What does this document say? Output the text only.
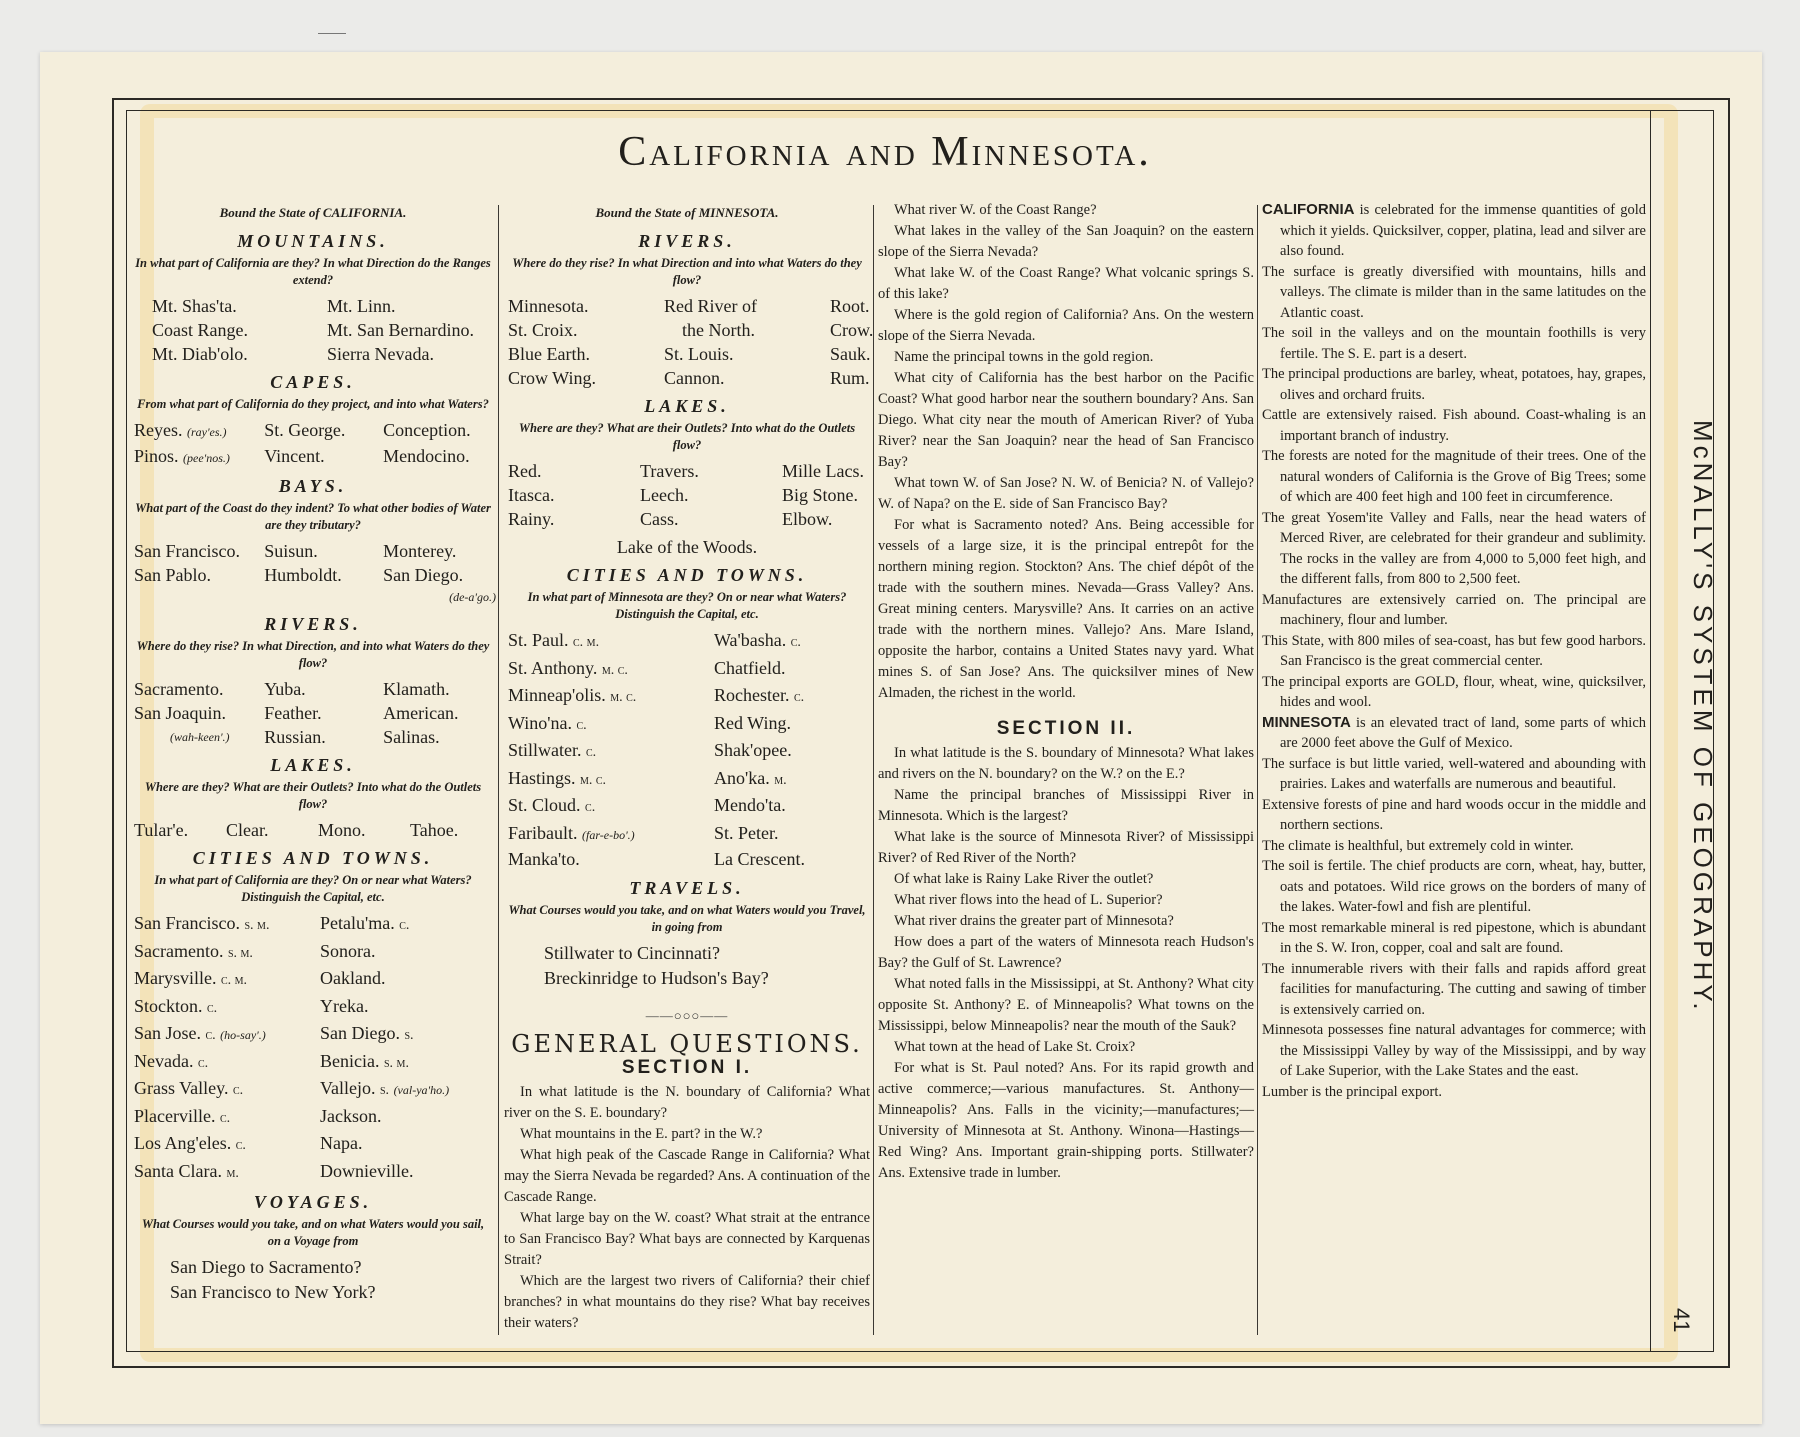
California and Minnesota.
Bound the State of CALIFORNIA.
MOUNTAINS.
In what part of California are they? In what Direction do the Ranges extend?
Mt. Shas'ta.	Mt. Linn.
Coast Range.	Mt. San Bernardino.
Mt. Diab'olo.	Sierra Nevada.
CAPES.
From what part of California do they project, and into what Waters?
Reyes. (ray'es.)	St. George.	Conception.
Pinos. (pee'nos.)	Vincent.	Mendocino.
BAYS.
What part of the Coast do they indent? To what other bodies of Water are they tributary?
San Francisco.	Suisun.	Monterey.
San Pablo.	Humboldt.	San Diego.
(de-a'go.)
RIVERS.
Where do they rise? In what Direction, and into what Waters do they flow?
Sacramento.	Yuba.	Klamath.
San Joaquin.	Feather.	American.
(wah-keen'.)	Russian.	Salinas.
LAKES.
Where are they? What are their Outlets? Into what do the Outlets flow?
Tular'e.	Clear.	Mono.	Tahoe.
CITIES AND TOWNS.
In what part of California are they? On or near what Waters? Distinguish the Capital, etc.
San Francisco. s. m.	Petalu'ma. c.
Sacramento. s. m.	Sonora.
Marysville. c. m.	Oakland.
Stockton. c.	Yreka.
San Jose. c. (ho-say'.)	San Diego. s.
Nevada. c.	Benicia. s. m.
Grass Valley. c.	Vallejo. s. (val-ya'ho.)
Placerville. c.	Jackson.
Los Ang'eles. c.	Napa.
Santa Clara. m.	Downieville.
VOYAGES.
What Courses would you take, and on what Waters would you sail, on a Voyage from
San Diego to Sacramento?
San Francisco to New York?
Bound the State of MINNESOTA.
RIVERS.
Where do they rise? In what Direction and into what Waters do they flow?
Minnesota.	Red River of	Root.
St. Croix.	the North.	Crow.
Blue Earth.	St. Louis.	Sauk.
Crow Wing.	Cannon.	Rum.
LAKES.
Where are they? What are their Outlets? Into what do the Outlets flow?
Red.	Travers.	Mille Lacs.
Itasca.	Leech.	Big Stone.
Rainy.	Cass.	Elbow.
Lake of the Woods.
CITIES AND TOWNS.
In what part of Minnesota are they? On or near what Waters? Distinguish the Capital, etc.
St. Paul. c. m.	Wa'basha. c.
St. Anthony. m. c.	Chatfield.
Minneap'olis. m. c.	Rochester. c.
Wino'na. c.	Red Wing.
Stillwater. c.	Shak'opee.
Hastings. m. c.	Ano'ka. m.
St. Cloud. c.	Mendo'ta.
Faribault. (far-e-bo'.)	St. Peter.
Manka'to.	La Crescent.
TRAVELS.
What Courses would you take, and on what Waters would you Travel, in going from
Stillwater to Cincinnati?
Breckinridge to Hudson's Bay?
——○○○——
GENERAL QUESTIONS.
SECTION I.

In what latitude is the N. boundary of California? What river on the S. E. boundary?

What mountains in the E. part? in the W.?

What high peak of the Cascade Range in California? What may the Sierra Nevada be regarded? Ans. A continuation of the Cascade Range.

What large bay on the W. coast? What strait at the entrance to San Francisco Bay? What bays are connected by Karquenas Strait?

Which are the largest two rivers of California? their chief branches? in what mountains do they rise? What bay receives their waters?

What river W. of the Coast Range?

What lakes in the valley of the San Joaquin? on the eastern slope of the Sierra Nevada?

What lake W. of the Coast Range? What volcanic springs S. of this lake?

Where is the gold region of California? Ans. On the western slope of the Sierra Nevada.

Name the principal towns in the gold region.

What city of California has the best harbor on the Pacific Coast? What good harbor near the southern boundary? Ans. San Diego. What city near the mouth of American River? of Yuba River? near the San Joaquin? near the head of San Francisco Bay?

What town W. of San Jose? N. W. of Benicia? N. of Vallejo? W. of Napa? on the E. side of San Francisco Bay?

For what is Sacramento noted? Ans. Being accessible for vessels of a large size, it is the principal entrepôt for the northern mining region. Stockton? Ans. The chief dépôt of the trade with the southern mines. Nevada—Grass Valley? Ans. Great mining centers. Marysville? Ans. It carries on an active trade with the northern mines. Vallejo? Ans. Mare Island, opposite the harbor, contains a United States navy yard. What mines S. of San Jose? Ans. The quicksilver mines of New Almaden, the richest in the world.

SECTION II.

In what latitude is the S. boundary of Minnesota? What lakes and rivers on the N. boundary? on the W.? on the E.?

Name the principal branches of Mississippi River in Minnesota. Which is the largest?

What lake is the source of Minnesota River? of Mississippi River? of Red River of the North?

Of what lake is Rainy Lake River the outlet?

What river flows into the head of L. Superior?

What river drains the greater part of Minnesota?

How does a part of the waters of Minnesota reach Hudson's Bay? the Gulf of St. Lawrence?

What noted falls in the Mississippi, at St. Anthony? What city opposite St. Anthony? E. of Minneapolis? What towns on the Mississippi, below Minneapolis? near the mouth of the Sauk?

What town at the head of Lake St. Croix?

For what is St. Paul noted? Ans. For its rapid growth and active commerce;—various manufactures. St. Anthony—Minneapolis? Ans. Falls in the vicinity;—manufactures;—University of Minnesota at St. Anthony. Winona—Hastings—Red Wing? Ans. Important grain-shipping ports. Stillwater? Ans. Extensive trade in lumber.

CALIFORNIA is celebrated for the immense quantities of gold which it yields. Quicksilver, copper, platina, lead and silver are also found.

The surface is greatly diversified with mountains, hills and valleys. The climate is milder than in the same latitudes on the Atlantic coast.

The soil in the valleys and on the mountain foothills is very fertile. The S. E. part is a desert.

The principal productions are barley, wheat, potatoes, hay, grapes, olives and orchard fruits.

Cattle are extensively raised. Fish abound. Coast-whaling is an important branch of industry.

The forests are noted for the magnitude of their trees. One of the natural wonders of California is the Grove of Big Trees; some of which are 400 feet high and 100 feet in circumference.

The great Yosem'ite Valley and Falls, near the head waters of Merced River, are celebrated for their grandeur and sublimity. The rocks in the valley are from 4,000 to 5,000 feet high, and the different falls, from 800 to 2,500 feet.

Manufactures are extensively carried on. The principal are machinery, flour and lumber.

This State, with 800 miles of sea-coast, has but few good harbors. San Francisco is the great commercial center.

The principal exports are GOLD, flour, wheat, wine, quicksilver, hides and wool.

MINNESOTA is an elevated tract of land, some parts of which are 2000 feet above the Gulf of Mexico.

The surface is but little varied, well-watered and abounding with prairies. Lakes and waterfalls are numerous and beautiful.

Extensive forests of pine and hard woods occur in the middle and northern sections.

The climate is healthful, but extremely cold in winter.

The soil is fertile. The chief products are corn, wheat, hay, butter, oats and potatoes. Wild rice grows on the borders of many of the lakes. Water-fowl and fish are plentiful.

The most remarkable mineral is red pipestone, which is abundant in the S. W. Iron, copper, coal and salt are found.

The innumerable rivers with their falls and rapids afford great facilities for manufacturing. The cutting and sawing of timber is extensively carried on.

Minnesota possesses fine natural advantages for commerce; with the Mississippi Valley by way of the Mississippi, and by way of Lake Superior, with the Lake States and the east.

Lumber is the principal export.

McNALLY'S SYSTEM OF GEOGRAPHY.
41
